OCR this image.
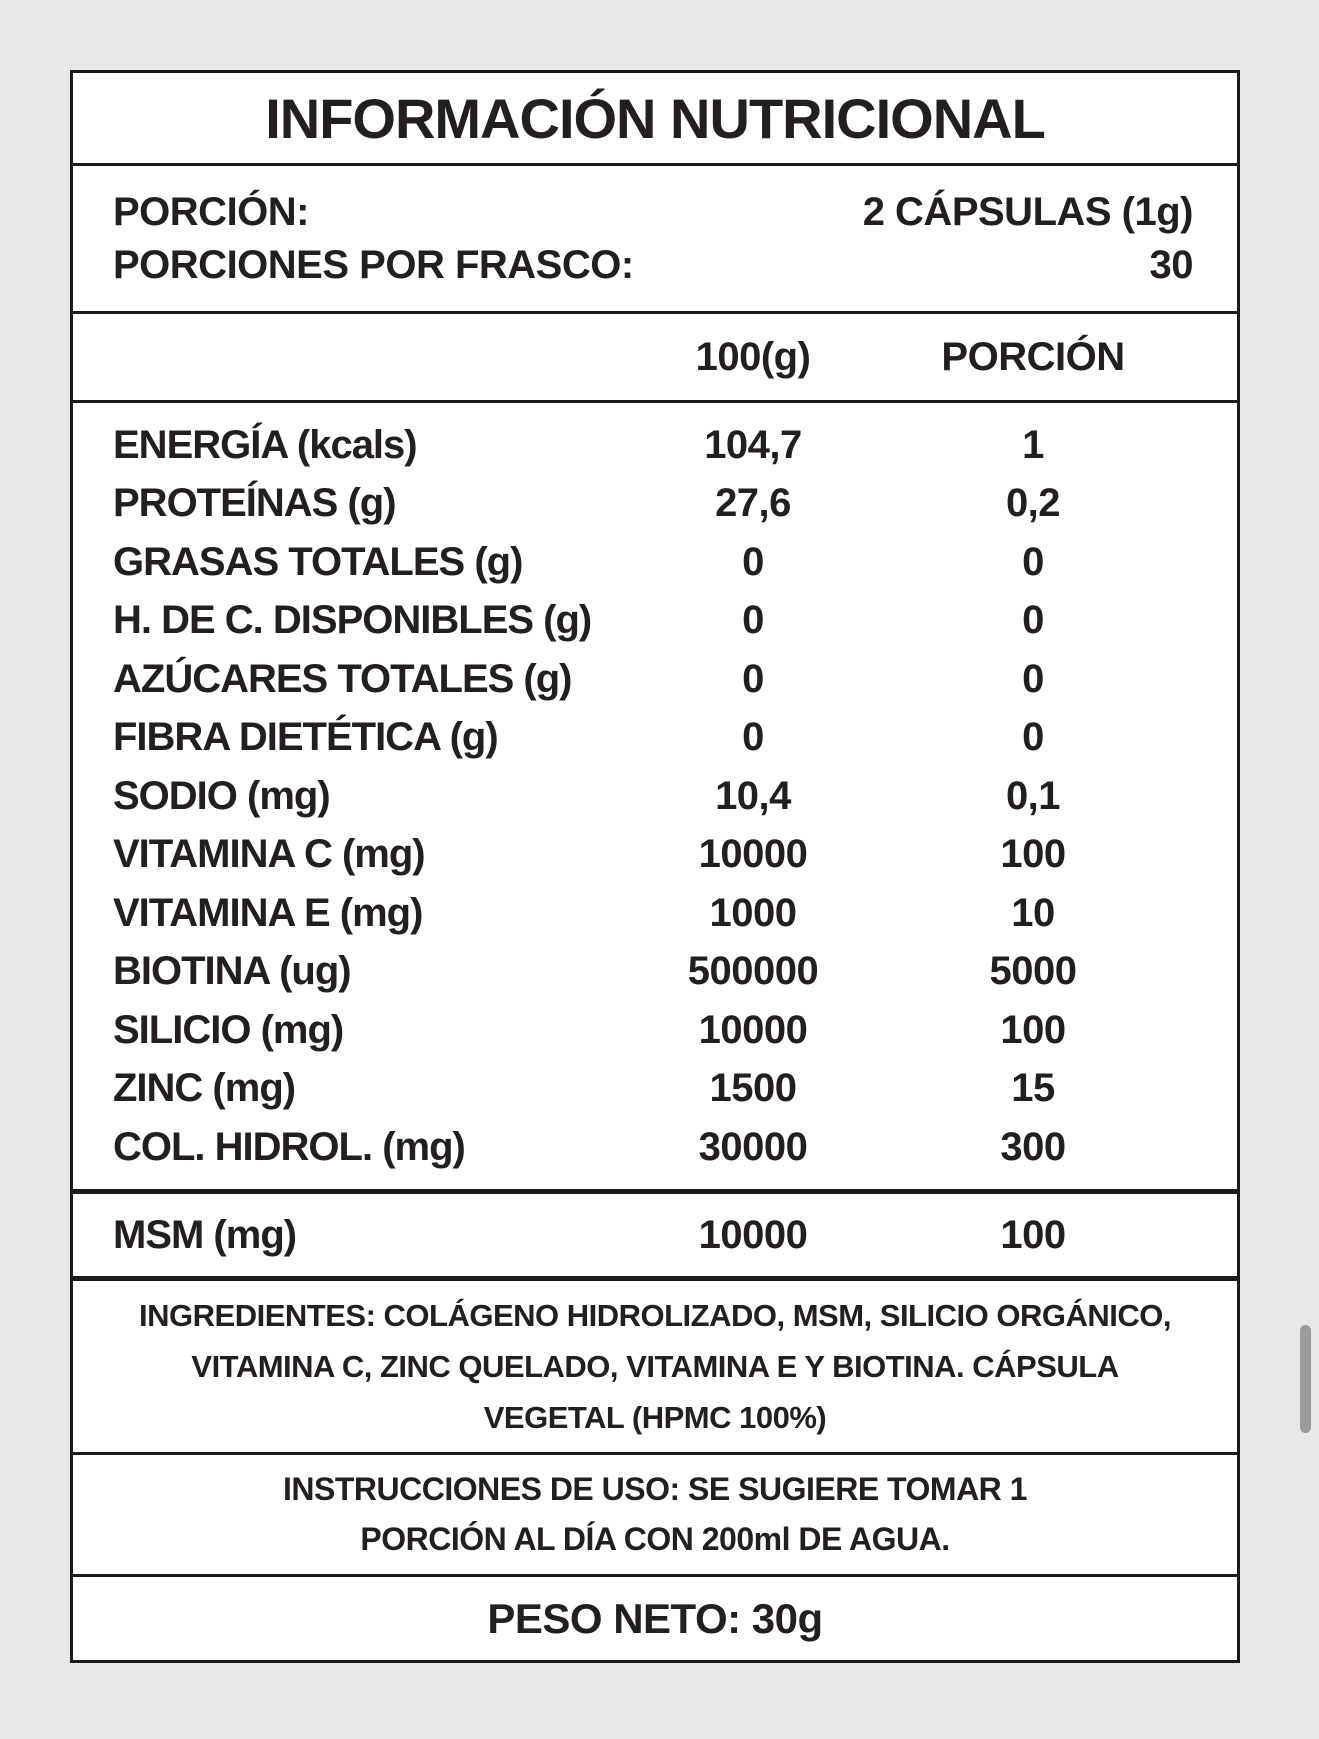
INFORMACIÓN NUTRICIONAL
PORCIÓN:	2 CÁPSULAS (1g)
PORCIONES POR FRASCO:	30
100(g)	PORCIÓN
ENERGÍA (kcals)	104,7	1
PROTEÍNAS (g)	27,6	0,2
GRASAS TOTALES (g)	0	0
H. DE C. DISPONIBLES (g)	0	0
AZÚCARES TOTALES (g)	0	0
FIBRA DIETÉTICA (g)	0	0
SODIO (mg)	10,4	0,1
VITAMINA C (mg)	10000	100
VITAMINA E (mg)	1000	10
BIOTINA (ug)	500000	5000
SILICIO (mg)	10000	100
ZINC (mg)	1500	15
COL. HIDROL. (mg)	30000	300
MSM (mg)	10000	100
INGREDIENTES: COLÁGENO HIDROLIZADO, MSM, SILICIO ORGÁNICO,
VITAMINA C, ZINC QUELADO, VITAMINA E Y BIOTINA. CÁPSULA
VEGETAL (HPMC 100%)
INSTRUCCIONES DE USO: SE SUGIERE TOMAR 1
PORCIÓN AL DÍA CON 200ml DE AGUA.
PESO NETO: 30g
